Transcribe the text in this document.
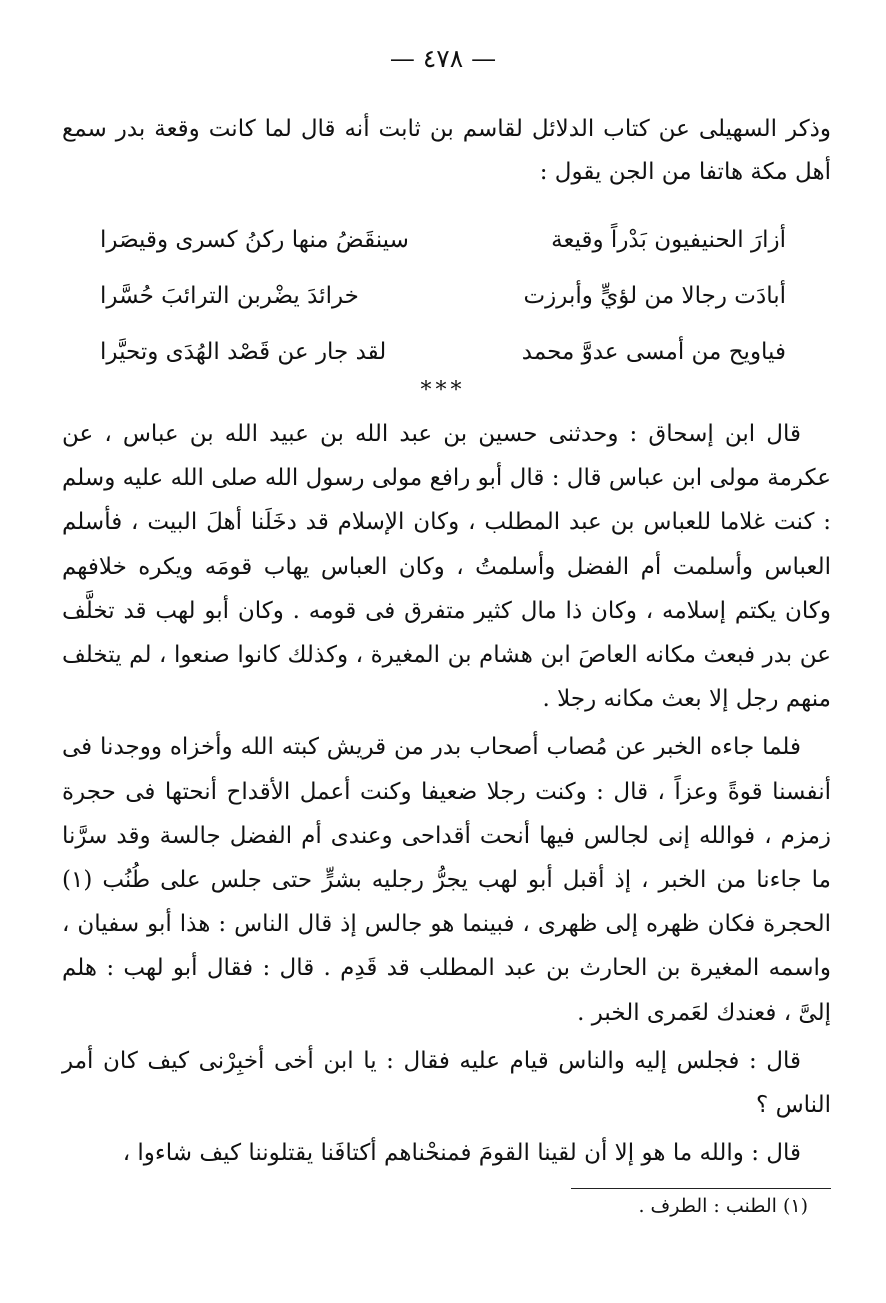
— ٤٧٨ —
وذكر السهيلى عن كتاب الدلائل لقاسم بن ثابت أنه قال لما كانت وقعة بدر سمع أهل مكة هاتفا من الجن يقول :
أزارَ الحنيفيون بَدْراً وقيعة
سينقَضُ منها ركنُ كسرى وقيصَرا
أبادَت رجالا من لؤيٍّ وأبرزت
خرائدَ يضْربن الترائبَ حُسَّرا
فياويح من أمسى عدوَّ محمد
لقد جار عن قَصْد الهُدَى وتحيَّرا
***

قال ابن إسحاق : وحدثنى حسين بن عبد الله بن عبيد الله بن عباس ، عن عكرمة مولى ابن عباس قال : قال أبو رافع مولى رسول الله صلى الله عليه وسلم : كنت غلاما للعباس بن عبد المطلب ، وكان الإسلام قد دخَلَنا أهلَ البيت ، فأسلم العباس وأسلمت أم الفضل وأسلمتُ ، وكان العباس يهاب قومَه ويكره خلافهم وكان يكتم إسلامه ، وكان ذا مال كثير متفرق فى قومه . وكان أبو لهب قد تخلَّف عن بدر فبعث مكانه العاصَ ابن هشام بن المغيرة ، وكذلك كانوا صنعوا ، لم يتخلف منهم رجل إلا بعث مكانه رجلا .

فلما جاءه الخبر عن مُصاب أصحاب بدر من قريش كبته الله وأخزاه ووجدنا فى أنفسنا قوةً وعزاً ، قال : وكنت رجلا ضعيفا وكنت أعمل الأقداح أنحتها فى حجرة زمزم ، فوالله إنى لجالس فيها أنحت أقداحى وعندى أم الفضل جالسة وقد سرَّنا ما جاءنا من الخبر ، إذ أقبل أبو لهب يجرُّ رجليه بشرٍّ حتى جلس على طُنُب (١) الحجرة فكان ظهره إلى ظهرى ، فبينما هو جالس إذ قال الناس : هذا أبو سفيان ، واسمه المغيرة بن الحارث بن عبد المطلب قد قَدِم . قال : فقال أبو لهب : هلم إلىَّ ، فعندك لعَمرى الخبر .

قال : فجلس إليه والناس قيام عليه فقال : يا ابن أخى أخبِرْنى كيف كان أمر الناس ؟

قال : والله ما هو إلا أن لقينا القومَ فمنحْناهم أكتافَنا يقتلوننا كيف شاءوا ،

(١) الطنب : الطرف .
